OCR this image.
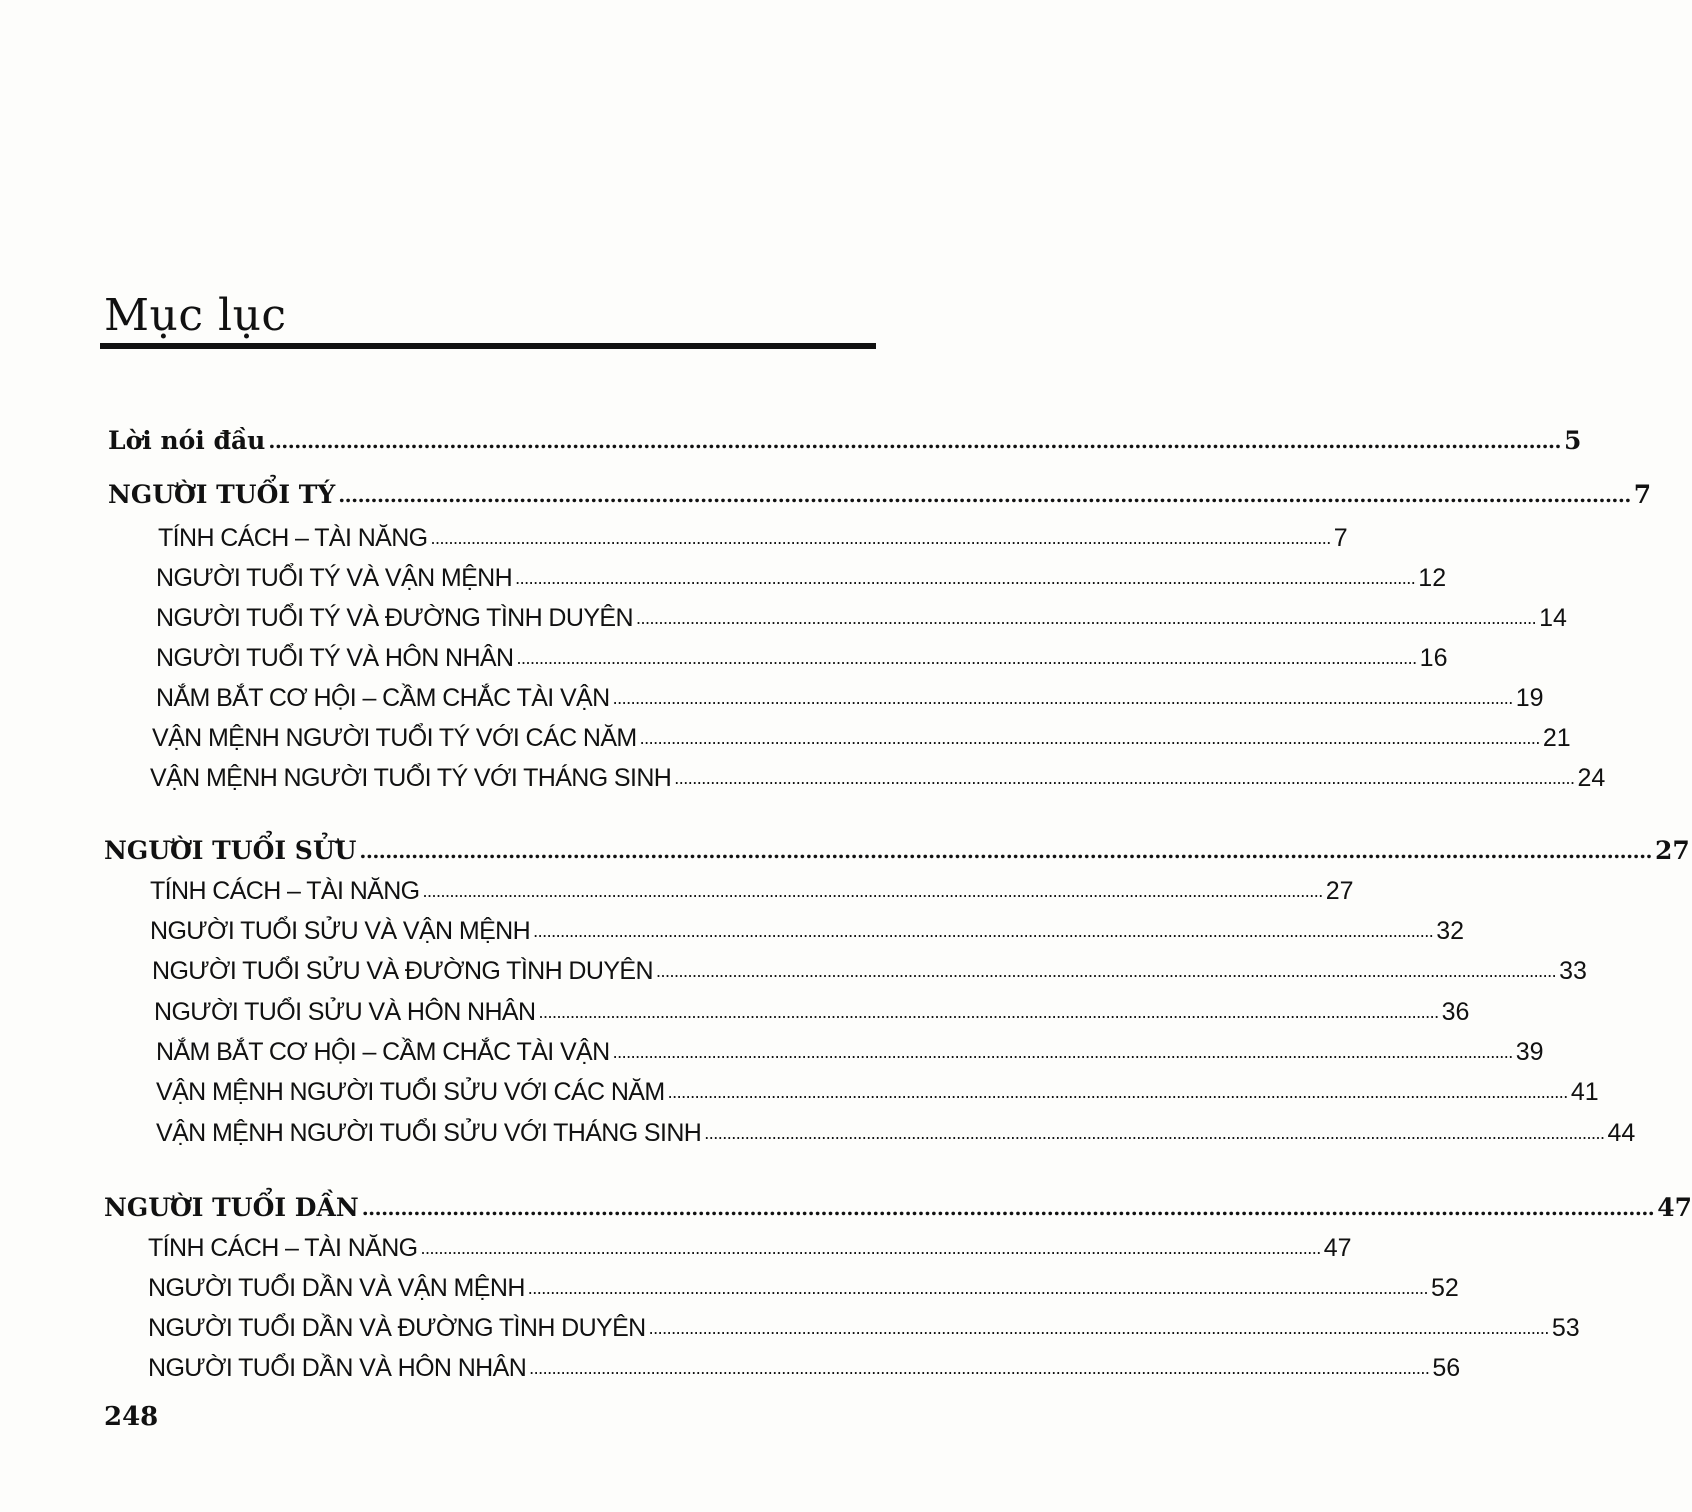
Mục lục
Lời nói đầu ........................................................................................................................................................................................................ 5
NGƯỜI TUỔI TÝ ........................................................................................................................................................................................................ 7
TÍNH CÁCH – TÀI NĂNG ........................................................................................................................................................................................................ 7
NGƯỜI TUỔI TÝ VÀ VẬN MỆNH ........................................................................................................................................................................................................ 12
NGƯỜI TUỔI TÝ VÀ ĐƯỜNG TÌNH DUYÊN ........................................................................................................................................................................................................ 14
NGƯỜI TUỔI TÝ VÀ HÔN NHÂN ........................................................................................................................................................................................................ 16
NẮM BẮT CƠ HỘI – CẦM CHẮC TÀI VẬN ........................................................................................................................................................................................................ 19
VẬN MỆNH NGƯỜI TUỔI TÝ VỚI CÁC NĂM ........................................................................................................................................................................................................ 21
VẬN MỆNH NGƯỜI TUỔI TÝ VỚI THÁNG SINH ........................................................................................................................................................................................................ 24
NGƯỜI TUỔI SỬU ........................................................................................................................................................................................................ 27
TÍNH CÁCH – TÀI NĂNG ........................................................................................................................................................................................................ 27
NGƯỜI TUỔI SỬU VÀ VẬN MỆNH ........................................................................................................................................................................................................ 32
NGƯỜI TUỔI SỬU VÀ ĐƯỜNG TÌNH DUYÊN ........................................................................................................................................................................................................ 33
NGƯỜI TUỔI SỬU VÀ HÔN NHÂN ........................................................................................................................................................................................................ 36
NẮM BẮT CƠ HỘI – CẦM CHẮC TÀI VẬN ........................................................................................................................................................................................................ 39
VẬN MỆNH NGƯỜI TUỔI SỬU VỚI CÁC NĂM ........................................................................................................................................................................................................ 41
VẬN MỆNH NGƯỜI TUỔI SỬU VỚI THÁNG SINH ........................................................................................................................................................................................................ 44
NGƯỜI TUỔI DẦN ........................................................................................................................................................................................................ 47
TÍNH CÁCH – TÀI NĂNG ........................................................................................................................................................................................................ 47
NGƯỜI TUỔI DẦN VÀ VẬN MỆNH ........................................................................................................................................................................................................ 52
NGƯỜI TUỔI DẦN VÀ ĐƯỜNG TÌNH DUYÊN ........................................................................................................................................................................................................ 53
NGƯỜI TUỔI DẦN VÀ HÔN NHÂN ........................................................................................................................................................................................................ 56
248
